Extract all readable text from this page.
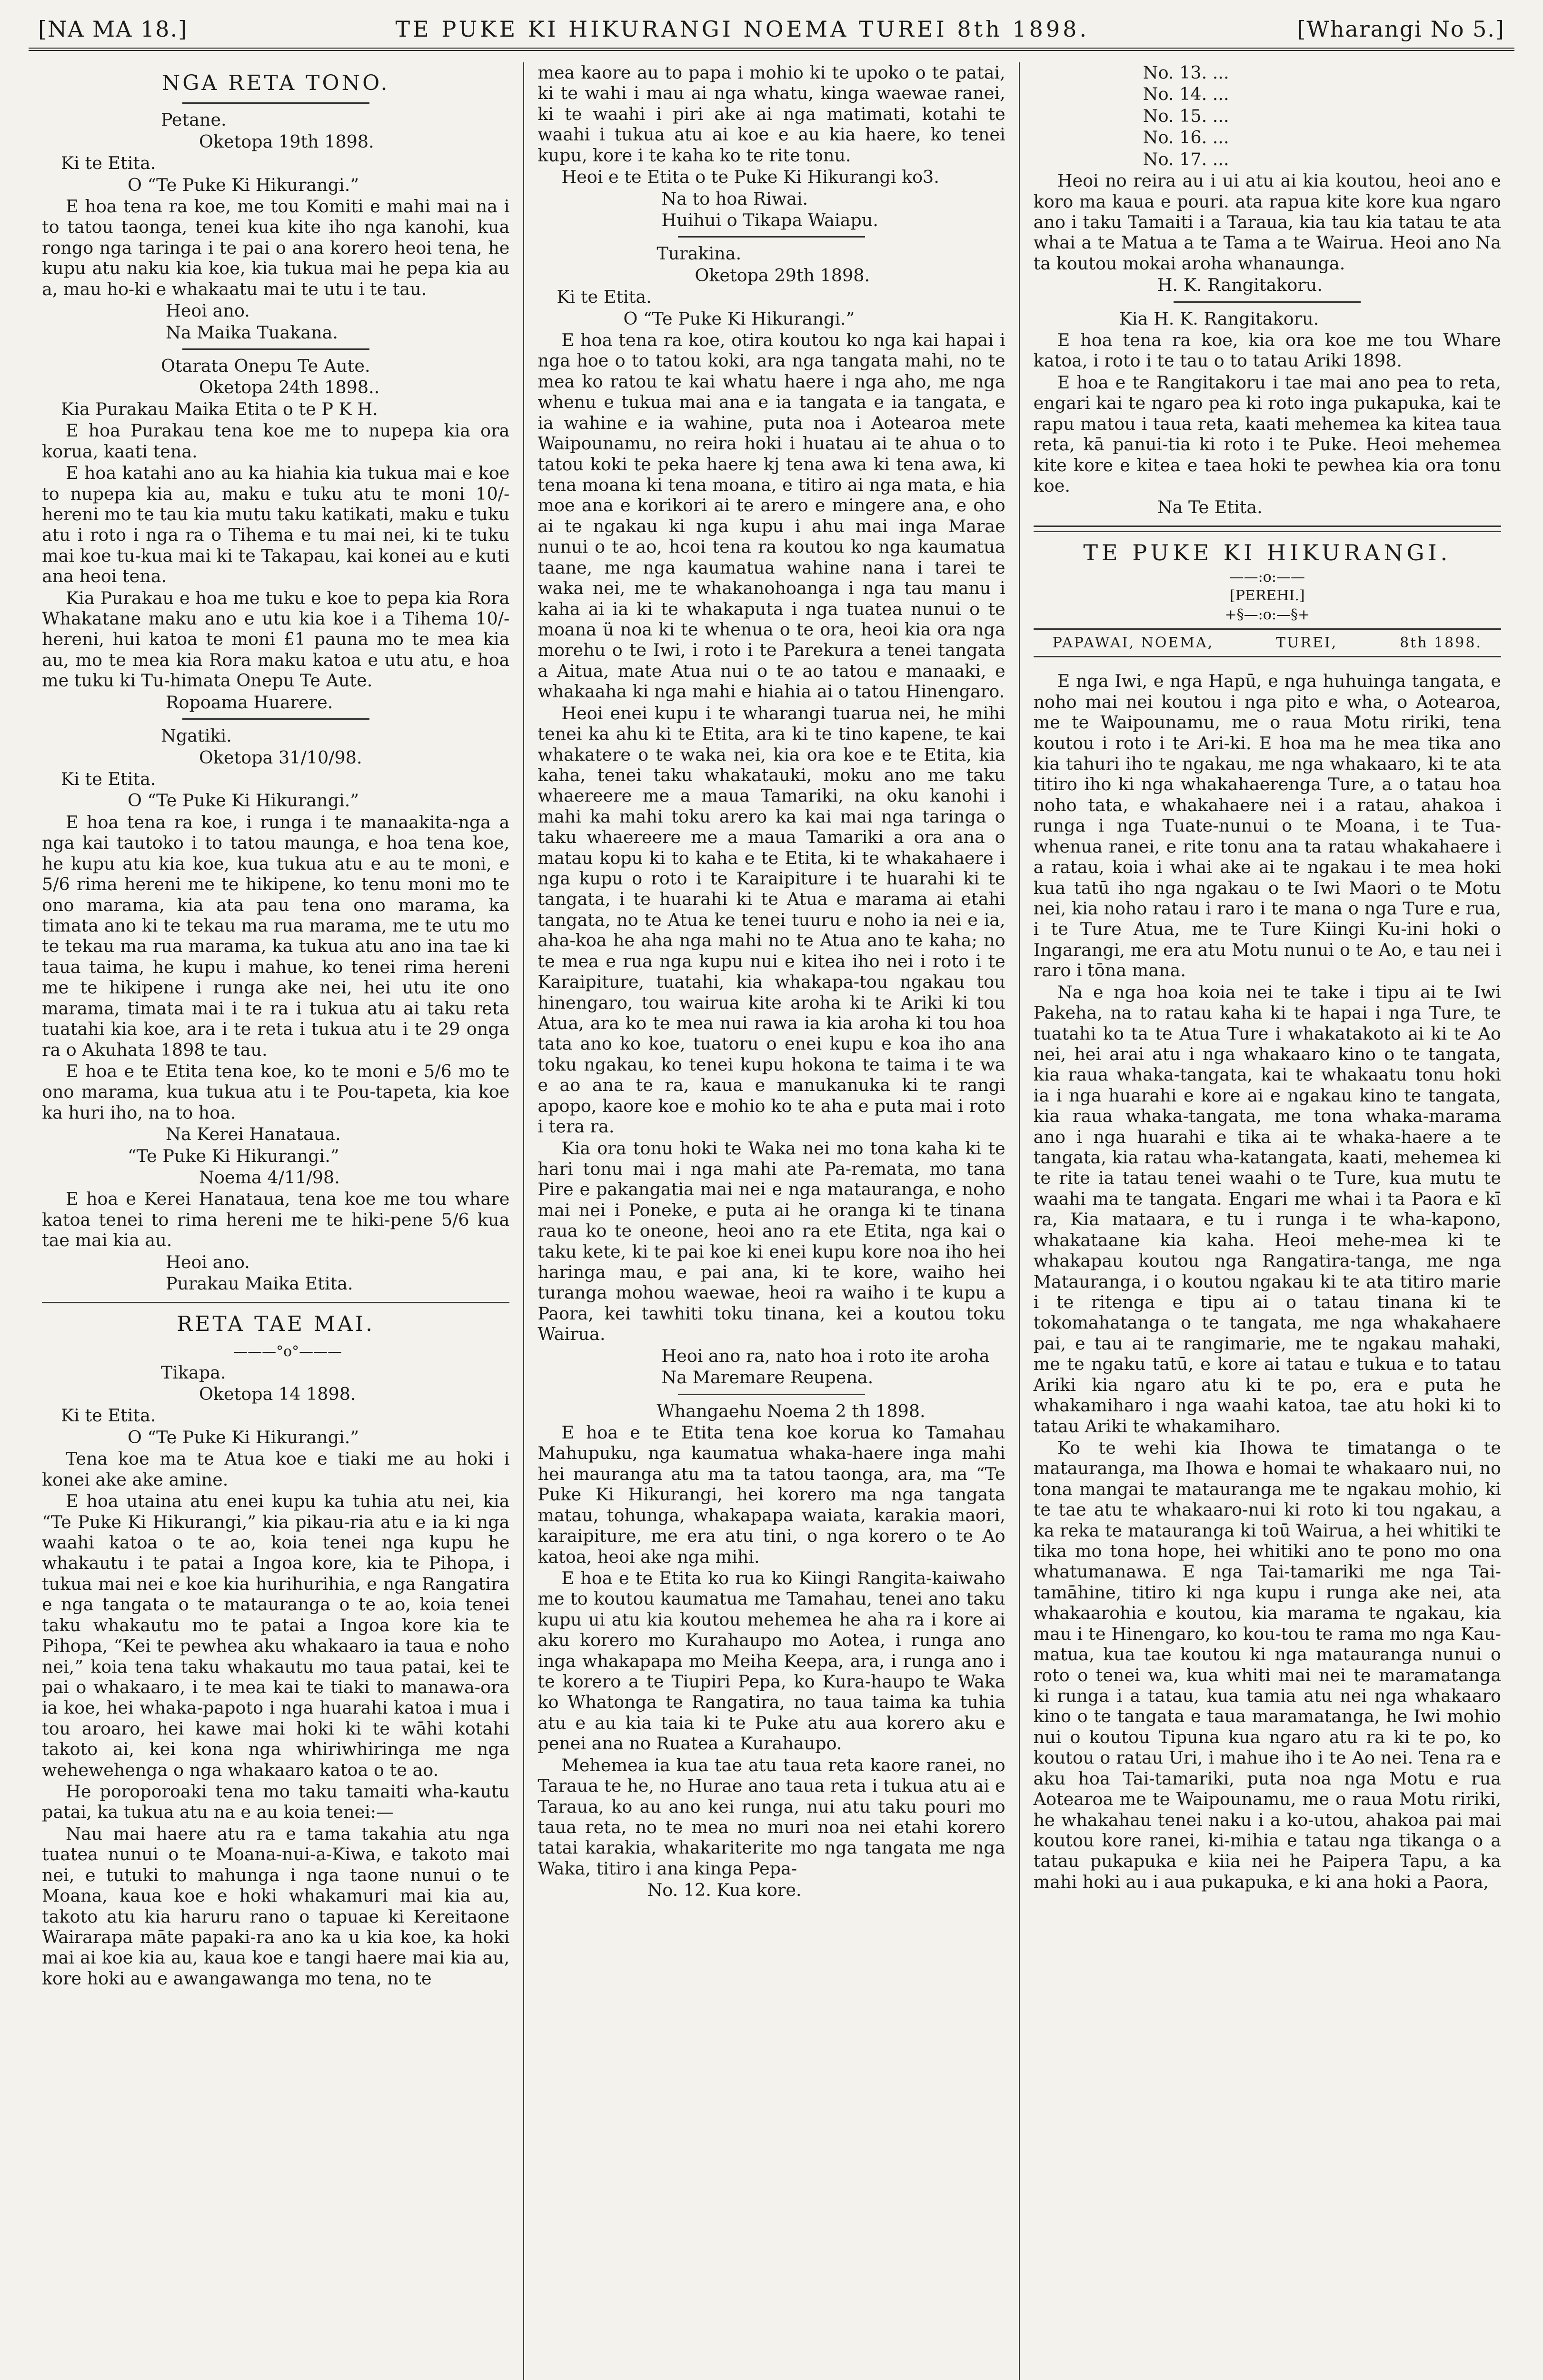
[NA MA 18.]	TE PUKE KI HIKURANGI NOEMA TUREI 8th 1898.	[Wharangi No 5.]

NGA RETA TONO.

Petane.

Oketopa 19th 1898.

Ki te Etita.

O “Te Puke Ki Hikurangi.”

E hoa tena ra koe, me tou Komiti e mahi mai na i to tatou taonga, tenei kua kite iho nga kanohi, kua rongo nga taringa i te pai o ana korero heoi tena, he kupu atu naku kia koe, kia tukua mai he pepa kia au a, mau ho-ki e whakaatu mai te utu i te tau.

Heoi ano.

Na Maika Tuakana.

Otarata Onepu Te Aute.

Oketopa 24th 1898..

Kia Purakau Maika Etita o te P K H.

E hoa Purakau tena koe me to nupepa kia ora korua, kaati tena.

E hoa katahi ano au ka hiahia kia tukua mai e koe to nupepa kia au, maku e tuku atu te moni 10/- hereni mo te tau kia mutu taku katikati, maku e tuku atu i roto i nga ra o Tihema e tu mai nei, ki te tuku mai koe tu-kua mai ki te Takapau, kai konei au e kuti ana heoi tena.

Kia Purakau e hoa me tuku e koe to pepa kia Rora Whakatane maku ano e utu kia koe i a Tihema 10/- hereni, hui katoa te moni £1 pauna mo te mea kia au, mo te mea kia Rora maku katoa e utu atu, e hoa me tuku ki Tu-himata Onepu Te Aute.

Ropoama Huarere.

Ngatiki.

Oketopa 31/10/98.

Ki te Etita.

O “Te Puke Ki Hikurangi.”

E hoa tena ra koe, i runga i te manaakita-nga a nga kai tautoko i to tatou maunga, e hoa tena koe, he kupu atu kia koe, kua tukua atu e au te moni, e 5/6 rima hereni me te hikipene, ko tenu moni mo te ono marama, kia ata pau tena ono marama, ka timata ano ki te tekau ma rua marama, me te utu mo te tekau ma rua marama, ka tukua atu ano ina tae ki taua taima, he kupu i mahue, ko tenei rima hereni me te hikipene i runga ake nei, hei utu ite ono marama, timata mai i te ra i tukua atu ai taku reta tuatahi kia koe, ara i te reta i tukua atu i te 29 onga ra o Akuhata 1898 te tau.

E hoa e te Etita tena koe, ko te moni e 5/6 mo te ono marama, kua tukua atu i te Pou-tapeta, kia koe ka huri iho, na to hoa.

Na Kerei Hanataua.

“Te Puke Ki Hikurangi.”

Noema 4/11/98.

E hoa e Kerei Hanataua, tena koe me tou whare katoa tenei to rima hereni me te hiki-pene 5/6 kua tae mai kia au.

Heoi ano.

Purakau Maika Etita.

RETA TAE MAI.

———°o°———

Tikapa.

Oketopa 14 1898.

Ki te Etita.

O “Te Puke Ki Hikurangi.”

Tena koe ma te Atua koe e tiaki me au hoki i konei ake ake amine.

E hoa utaina atu enei kupu ka tuhia atu nei, kia “Te Puke Ki Hikurangi,” kia pikau-ria atu e ia ki nga waahi katoa o te ao, koia tenei nga kupu he whakautu i te patai a Ingoa kore, kia te Pihopa, i tukua mai nei e koe kia hurihurihia, e nga Rangatira e nga tangata o te matauranga o te ao, koia tenei taku whakautu mo te patai a Ingoa kore kia te Pihopa, “Kei te pewhea aku whakaaro ia taua e noho nei,” koia tena taku whakautu mo taua patai, kei te pai o whakaaro, i te mea kai te tiaki to manawa-ora ia koe, hei whaka-papoto i nga huarahi katoa i mua i tou aroaro, hei kawe mai hoki ki te wāhi kotahi takoto ai, kei kona nga whiriwhiringa me nga wehewehenga o nga whakaaro katoa o te ao.

He poroporoaki tena mo taku tamaiti wha-kautu patai, ka tukua atu na e au koia tenei:—

Nau mai haere atu ra e tama takahia atu nga tuatea nunui o te Moana-nui-a-Kiwa, e takoto mai nei, e tutuki to mahunga i nga taone nunui o te Moana, kaua koe e hoki whakamuri mai kia au, takoto atu kia haruru rano o tapuae ki Kereitaone Wairarapa māte papaki-ra ano ka u kia koe, ka hoki mai ai koe kia au, kaua koe e tangi haere mai kia au, kore hoki au e awangawanga mo tena, no te

mea kaore au to papa i mohio ki te upoko o te patai, ki te wahi i mau ai nga whatu, kinga waewae ranei, ki te waahi i piri ake ai nga matimati, kotahi te waahi i tukua atu ai koe e au kia haere, ko tenei kupu, kore i te kaha ko te rite tonu.

Heoi e te Etita o te Puke Ki Hikurangi ko3.

Na to hoa Riwai.

Huihui o Tikapa Waiapu.

Turakina.

Oketopa 29th 1898.

Ki te Etita.

O “Te Puke Ki Hikurangi.”

E hoa tena ra koe, otira koutou ko nga kai hapai i nga hoe o to tatou koki, ara nga tangata mahi, no te mea ko ratou te kai whatu haere i nga aho, me nga whenu e tukua mai ana e ia tangata e ia tangata, e ia wahine e ia wahine, puta noa i Aotearoa mete Waipounamu, no reira hoki i huatau ai te ahua o to tatou koki te peka haere kj tena awa ki tena awa, ki tena moana ki tena moana, e titiro ai nga mata, e hia moe ana e korikori ai te arero e mingere ana, e oho ai te ngakau ki nga kupu i ahu mai inga Marae nunui o te ao, hcoi tena ra koutou ko nga kaumatua taane, me nga kaumatua wahine nana i tarei te waka nei, me te whakanohoanga i nga tau manu i kaha ai ia ki te whakaputa i nga tuatea nunui o te moana ü noa ki te whenua o te ora, heoi kia ora nga morehu o te Iwi, i roto i te Parekura a tenei tangata a Aitua, mate Atua nui o te ao tatou e manaaki, e whakaaha ki nga mahi e hiahia ai o tatou Hinengaro.

Heoi enei kupu i te wharangi tuarua nei, he mihi tenei ka ahu ki te Etita, ara ki te tino kapene, te kai whakatere o te waka nei, kia ora koe e te Etita, kia kaha, tenei taku whakatauki, moku ano me taku whaereere me a maua Tamariki, na oku kanohi i mahi ka mahi toku arero ka kai mai nga taringa o taku whaereere me a maua Tamariki a ora ana o matau kopu ki to kaha e te Etita, ki te whakahaere i nga kupu o roto i te Karaipiture i te huarahi ki te tangata, i te huarahi ki te Atua e marama ai etahi tangata, no te Atua ke tenei tuuru e noho ia nei e ia, aha-koa he aha nga mahi no te Atua ano te kaha; no te mea e rua nga kupu nui e kitea iho nei i roto i te Karaipiture, tuatahi, kia whakapa-tou ngakau tou hinengaro, tou wairua kite aroha ki te Ariki ki tou Atua, ara ko te mea nui rawa ia kia aroha ki tou hoa tata ano ko koe, tuatoru o enei kupu e koa iho ana toku ngakau, ko tenei kupu hokona te taima i te wa e ao ana te ra, kaua e manukanuka ki te rangi apopo, kaore koe e mohio ko te aha e puta mai i roto i tera ra.

Kia ora tonu hoki te Waka nei mo tona kaha ki te hari tonu mai i nga mahi ate Pa-remata, mo tana Pire e pakangatia mai nei e nga matauranga, e noho mai nei i Poneke, e puta ai he oranga ki te tinana raua ko te oneone, heoi ano ra ete Etita, nga kai o taku kete, ki te pai koe ki enei kupu kore noa iho hei haringa mau, e pai ana, ki te kore, waiho hei turanga mohou waewae, heoi ra waiho i te kupu a Paora, kei tawhiti toku tinana, kei a koutou toku Wairua.

Heoi ano ra, nato hoa i roto ite aroha

Na Maremare Reupena.

Whangaehu Noema 2 th 1898.

E hoa e te Etita tena koe korua ko Tamahau Mahupuku, nga kaumatua whaka-haere inga mahi hei mauranga atu ma ta tatou taonga, ara, ma “Te Puke Ki Hikurangi, hei korero ma nga tangata matau, tohunga, whakapapa waiata, karakia maori, karaipiture, me era atu tini, o nga korero o te Ao katoa, heoi ake nga mihi.

E hoa e te Etita ko rua ko Kiingi Rangita-kaiwaho me to koutou kaumatua me Tamahau, tenei ano taku kupu ui atu kia koutou mehemea he aha ra i kore ai aku korero mo Kurahaupo mo Aotea, i runga ano inga whakapapa mo Meiha Keepa, ara, i runga ano i te korero a te Tiupiri Pepa, ko Kura-haupo te Waka ko Whatonga te Rangatira, no taua taima ka tuhia atu e au kia taia ki te Puke atu aua korero aku e penei ana no Ruatea a Kurahaupo.

Mehemea ia kua tae atu taua reta kaore ranei, no Taraua te he, no Hurae ano taua reta i tukua atu ai e Taraua, ko au ano kei runga, nui atu taku pouri mo taua reta, no te mea no muri noa nei etahi korero tatai karakia, whakariterite mo nga tangata me nga Waka, titiro i ana kinga Pepa-

No. 12. Kua kore.

No. 13. ...

No. 14. ...

No. 15. ...

No. 16. ...

No. 17. ...

Heoi no reira au i ui atu ai kia koutou, heoi ano e koro ma kaua e pouri. ata rapua kite kore kua ngaro ano i taku Tamaiti i a Taraua, kia tau kia tatau te ata whai a te Matua a te Tama a te Wairua. Heoi ano Na ta koutou mokai aroha whanaunga.

H. K. Rangitakoru.

Kia H. K. Rangitakoru.

E hoa tena ra koe, kia ora koe me tou Whare katoa, i roto i te tau o to tatau Ariki 1898.

E hoa e te Rangitakoru i tae mai ano pea to reta, engari kai te ngaro pea ki roto inga pukapuka, kai te rapu matou i taua reta, kaati mehemea ka kitea taua reta, kā panui-tia ki roto i te Puke. Heoi mehemea kite kore e kitea e taea hoki te pewhea kia ora tonu koe.

Na Te Etita.

TE PUKE KI HIKURANGI.
——:o:——
[PEREHI.]
+§—:o:—§+
PAPAWAI, NOEMA,	TUREI,	8th 1898.

E nga Iwi, e nga Hapū, e nga huhuinga tangata, e noho mai nei koutou i nga pito e wha, o Aotearoa, me te Waipounamu, me o raua Motu ririki, tena koutou i roto i te Ari-ki. E hoa ma he mea tika ano kia tahuri iho te ngakau, me nga whakaaro, ki te ata titiro iho ki nga whakahaerenga Ture, a o tatau hoa noho tata, e whakahaere nei i a ratau, ahakoa i runga i nga Tuate-nunui o te Moana, i te Tua-whenua ranei, e rite tonu ana ta ratau whakahaere i a ratau, koia i whai ake ai te ngakau i te mea hoki kua tatū iho nga ngakau o te Iwi Maori o te Motu nei, kia noho ratau i raro i te mana o nga Ture e rua, i te Ture Atua, me te Ture Kiingi Ku-ini hoki o Ingarangi, me era atu Motu nunui o te Ao, e tau nei i raro i tōna mana.

Na e nga hoa koia nei te take i tipu ai te Iwi Pakeha, na to ratau kaha ki te hapai i nga Ture, te tuatahi ko ta te Atua Ture i whakatakoto ai ki te Ao nei, hei arai atu i nga whakaaro kino o te tangata, kia raua whaka-tangata, kai te whakaatu tonu hoki ia i nga huarahi e kore ai e ngakau kino te tangata, kia raua whaka-tangata, me tona whaka-marama ano i nga huarahi e tika ai te whaka-haere a te tangata, kia ratau wha-katangata, kaati, mehemea ki te rite ia tatau tenei waahi o te Ture, kua mutu te waahi ma te tangata. Engari me whai i ta Paora e kī ra, Kia mataara, e tu i runga i te wha-kapono, whakataane kia kaha. Heoi mehe-mea ki te whakapau koutou nga Rangatira-tanga, me nga Matauranga, i o koutou ngakau ki te ata titiro marie i te ritenga e tipu ai o tatau tinana ki te tokomahatanga o te tangata, me nga whakahaere pai, e tau ai te rangimarie, me te ngakau mahaki, me te ngaku tatū, e kore ai tatau e tukua e to tatau Ariki kia ngaro atu ki te po, era e puta he whakamiharo i nga waahi katoa, tae atu hoki ki to tatau Ariki te whakamiharo.

Ko te wehi kia Ihowa te timatanga o te matauranga, ma Ihowa e homai te whakaaro nui, no tona mangai te matauranga me te ngakau mohio, ki te tae atu te whakaaro-nui ki roto ki tou ngakau, a ka reka te matauranga ki toū Wairua, a hei whitiki te tika mo tona hope, hei whitiki ano te pono mo ona whatumanawa. E nga Tai-tamariki me nga Tai-tamāhine, titiro ki nga kupu i runga ake nei, ata whakaarohia e koutou, kia marama te ngakau, kia mau i te Hinengaro, ko kou-tou te rama mo nga Kau-matua, kua tae koutou ki nga matauranga nunui o roto o tenei wa, kua whiti mai nei te maramatanga ki runga i a tatau, kua tamia atu nei nga whakaaro kino o te tangata e taua maramatanga, he Iwi mohio nui o koutou Tipuna kua ngaro atu ra ki te po, ko koutou o ratau Uri, i mahue iho i te Ao nei. Tena ra e aku hoa Tai-tamariki, puta noa nga Motu e rua Aotearoa me te Waipounamu, me o raua Motu ririki, he whakahau tenei naku i a ko-utou, ahakoa pai mai koutou kore ranei, ki-mihia e tatau nga tikanga o a tatau pukapuka e kiia nei he Paipera Tapu, a ka mahi hoki au i aua pukapuka, e ki ana hoki a Paora,
